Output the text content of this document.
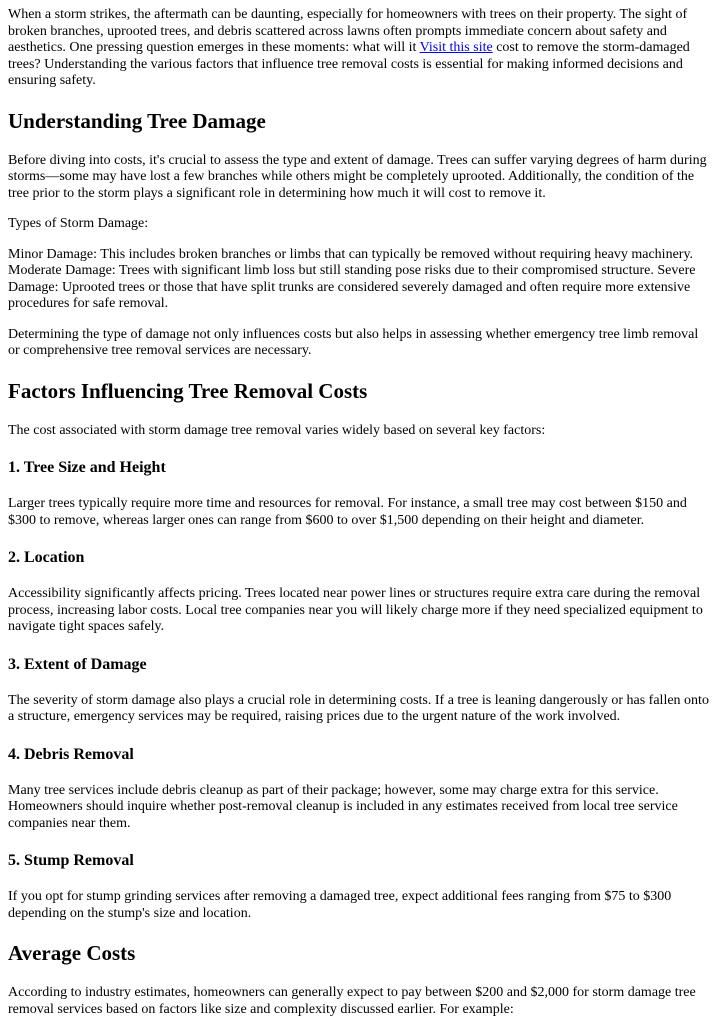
When a storm strikes, the aftermath can be daunting, especially for homeowners with trees on their property. The sight of broken branches, uprooted trees, and debris scattered across lawns often prompts immediate concern about safety and aesthetics. One pressing question emerges in these moments: what will it Visit this site cost to remove the storm-damaged trees? Understanding the various factors that influence tree removal costs is essential for making informed decisions and ensuring safety.

Understanding Tree Damage

Before diving into costs, it's crucial to assess the type and extent of damage. Trees can suffer varying degrees of harm during storms—some may have lost a few branches while others might be completely uprooted. Additionally, the condition of the tree prior to the storm plays a significant role in determining how much it will cost to remove it.

Types of Storm Damage:

Minor Damage: This includes broken branches or limbs that can typically be removed without requiring heavy machinery. Moderate Damage: Trees with significant limb loss but still standing pose risks due to their compromised structure. Severe Damage: Uprooted trees or those that have split trunks are considered severely damaged and often require more extensive procedures for safe removal.

Determining the type of damage not only influences costs but also helps in assessing whether emergency tree limb removal or comprehensive tree removal services are necessary.

Factors Influencing Tree Removal Costs

The cost associated with storm damage tree removal varies widely based on several key factors:

1. Tree Size and Height

Larger trees typically require more time and resources for removal. For instance, a small tree may cost between $150 and $300 to remove, whereas larger ones can range from $600 to over $1,500 depending on their height and diameter.

2. Location

Accessibility significantly affects pricing. Trees located near power lines or structures require extra care during the removal process, increasing labor costs. Local tree companies near you will likely charge more if they need specialized equipment to navigate tight spaces safely.

3. Extent of Damage

The severity of storm damage also plays a crucial role in determining costs. If a tree is leaning dangerously or has fallen onto a structure, emergency services may be required, raising prices due to the urgent nature of the work involved.

4. Debris Removal

Many tree services include debris cleanup as part of their package; however, some may charge extra for this service. Homeowners should inquire whether post-removal cleanup is included in any estimates received from local tree service companies near them.

5. Stump Removal

If you opt for stump grinding services after removing a damaged tree, expect additional fees ranging from $75 to $300 depending on the stump's size and location.

Average Costs

According to industry estimates, homeowners can generally expect to pay between $200 and $2,000 for storm damage tree removal services based on factors like size and complexity discussed earlier. For example:
